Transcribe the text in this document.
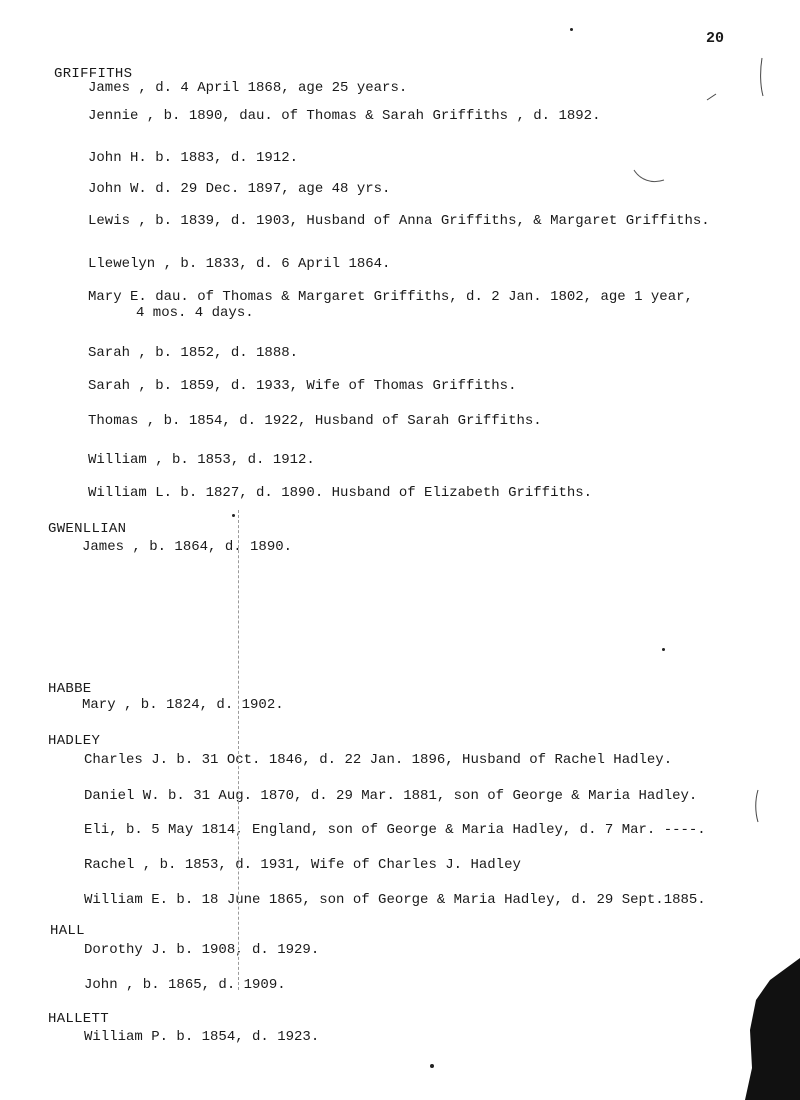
20
GRIFFITHS
James , d. 4 April 1868, age 25 years.
Jennie , b. 1890, dau. of Thomas & Sarah Griffiths , d. 1892.
John H. b. 1883, d. 1912.
John W. d. 29 Dec. 1897, age 48 yrs.
Lewis , b. 1839, d. 1903, Husband of Anna Griffiths, & Margaret Griffiths.
Llewelyn , b. 1833, d. 6 April 1864.
Mary E. dau. of Thomas & Margaret Griffiths, d. 2 Jan. 1802, age 1 year,
4 mos. 4 days.
Sarah , b. 1852, d. 1888.
Sarah , b. 1859, d. 1933, Wife of Thomas Griffiths.
Thomas , b. 1854, d. 1922, Husband of Sarah Griffiths.
William , b. 1853, d. 1912.
William L. b. 1827, d. 1890. Husband of Elizabeth Griffiths.
GWENLLIAN
James , b. 1864, d. 1890.
HABBE
Mary , b. 1824, d. 1902.
HADLEY
Charles J. b. 31 Oct. 1846, d. 22 Jan. 1896, Husband of Rachel Hadley.
Daniel W. b. 31 Aug. 1870, d. 29 Mar. 1881, son of George & Maria Hadley.
Eli, b. 5 May 1814, England, son of George & Maria Hadley, d. 7 Mar. ----.
Rachel , b. 1853, d. 1931, Wife of Charles J. Hadley
William E. b. 18 June 1865, son of George & Maria Hadley, d. 29 Sept.1885.
HALL
Dorothy J. b. 1908, d. 1929.
John , b. 1865, d. 1909.
HALLETT
William P. b. 1854, d. 1923.
